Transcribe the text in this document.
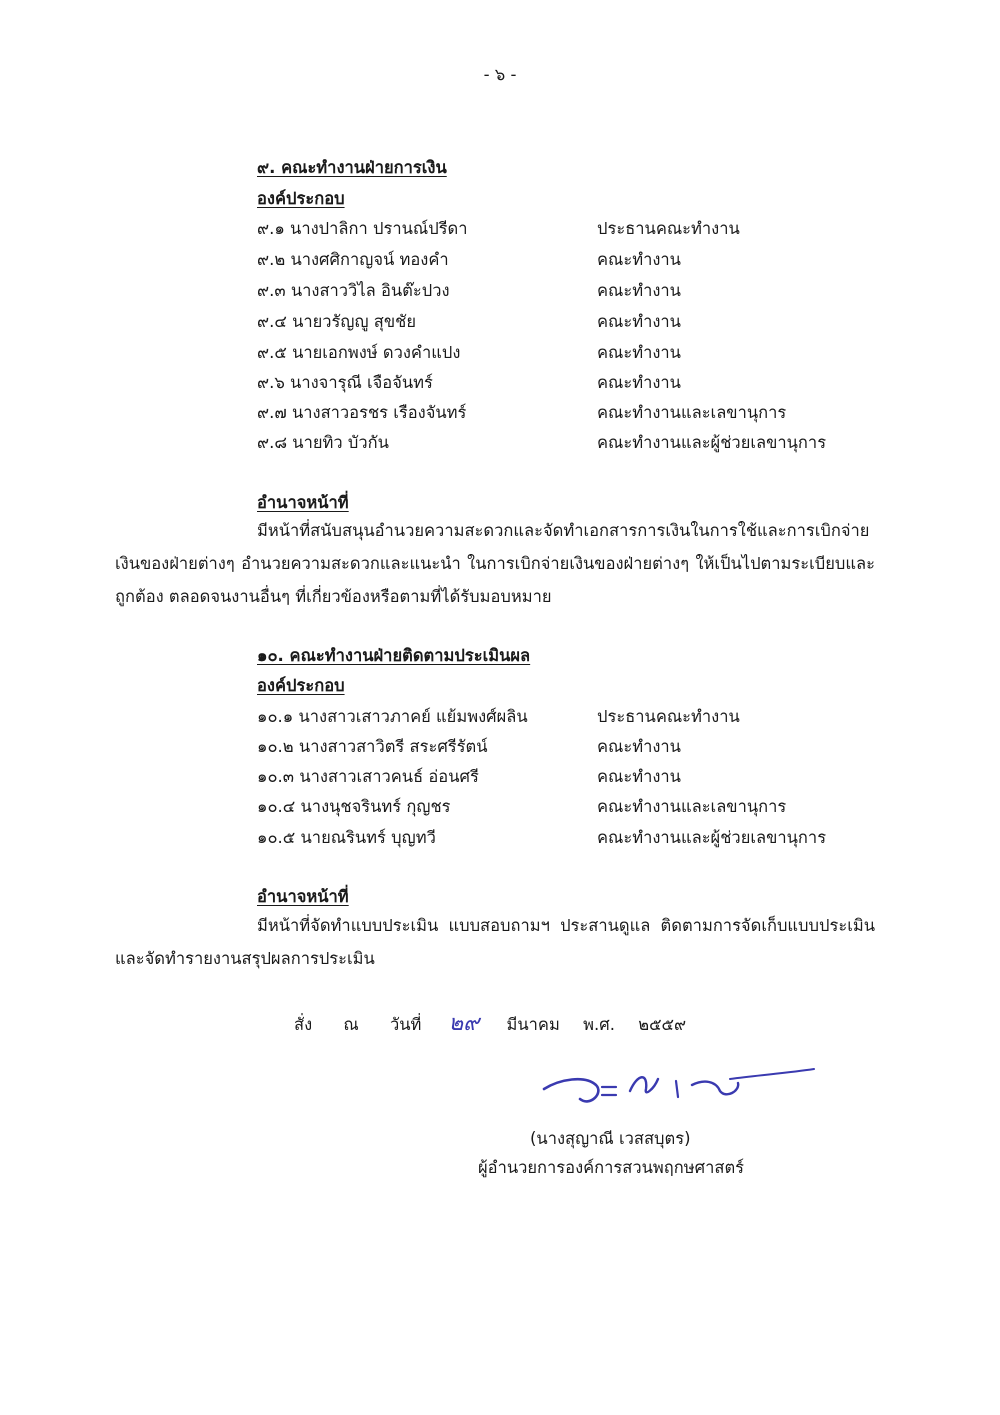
- ๖ -
๙. คณะทำงานฝ่ายการเงิน
องค์ประกอบ
๙.๑ นางปาลิกา ปรานณ์ปรีดา	ประธานคณะทำงาน
๙.๒ นางศศิกาญจน์ ทองคำ	คณะทำงาน
๙.๓ นางสาววิไล อินต๊ะปวง	คณะทำงาน
๙.๔ นายวรัญญู สุขชัย	คณะทำงาน
๙.๕ นายเอกพงษ์ ดวงคำแปง	คณะทำงาน
๙.๖ นางจารุณี เจือจันทร์	คณะทำงาน
๙.๗ นางสาวอรชร เรืองจันทร์	คณะทำงานและเลขานุการ
๙.๘ นายทิว บัวกัน	คณะทำงานและผู้ช่วยเลขานุการ
อำนาจหน้าที่
มีหน้าที่สนับสนุนอำนวยความสะดวกและจัดทำเอกสารการเงินในการใช้และการเบิกจ่ายเงินของฝ่ายต่างๆ อำนวยความสะดวกและแนะนำ ในการเบิกจ่ายเงินของฝ่ายต่างๆ ให้เป็นไปตามระเบียบและถูกต้อง ตลอดจนงานอื่นๆ ที่เกี่ยวข้องหรือตามที่ได้รับมอบหมาย
๑๐. คณะทำงานฝ่ายติดตามประเมินผล
องค์ประกอบ
๑๐.๑ นางสาวเสาวภาคย์ แย้มพงศ์ผลิน	ประธานคณะทำงาน
๑๐.๒ นางสาวสาวิตรี สระศรีรัตน์	คณะทำงาน
๑๐.๓ นางสาวเสาวคนธ์ อ่อนศรี	คณะทำงาน
๑๐.๔ นางนุชจรินทร์ กุญชร	คณะทำงานและเลขานุการ
๑๐.๕ นายณรินทร์ บุญทวี	คณะทำงานและผู้ช่วยเลขานุการ
อำนาจหน้าที่
มีหน้าที่จัดทำแบบประเมิน แบบสอบถามฯ ประสานดูแล ติดตามการจัดเก็บแบบประเมิน และจัดทำรายงานสรุปผลการประเมิน
สั่ง ณ วันที่ ๒๙ มีนาคม พ.ศ. ๒๕๕๙
(นางสุญาณี เวสสบุตร)
ผู้อำนวยการองค์การสวนพฤกษศาสตร์
